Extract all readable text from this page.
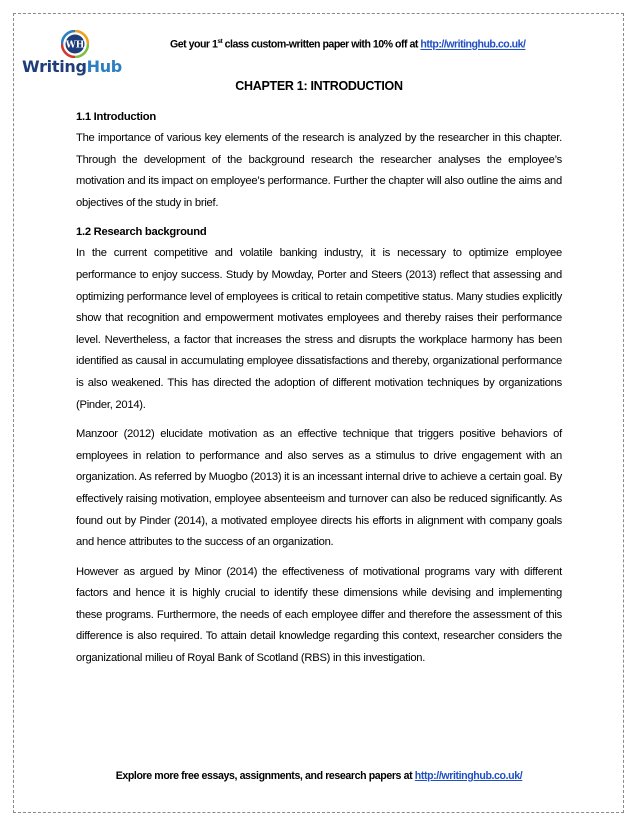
WH
WritingHub
Get your 1st class custom-written paper with 10% off at http://writinghub.co.uk/
CHAPTER 1: INTRODUCTION

1.1 Introduction

The importance of various key elements of the research is analyzed by the researcher in this chapter. Through the development of the background research the researcher analyses the employee’s motivation and its impact on employee’s performance. Further the chapter will also outline the aims and objectives of the study in brief.

1.2 Research background

In the current competitive and volatile banking industry, it is necessary to optimize employee performance to enjoy success. Study by Mowday, Porter and Steers (2013) reflect that assessing and optimizing performance level of employees is critical to retain competitive status. Many studies explicitly show that recognition and empowerment motivates employees and thereby raises their performance level. Nevertheless, a factor that increases the stress and disrupts the workplace harmony has been identified as causal in accumulating employee dissatisfactions and thereby, organizational performance is also weakened. This has directed the adoption of different motivation techniques by organizations (Pinder, 2014).

Manzoor (2012) elucidate motivation as an effective technique that triggers positive behaviors of employees in relation to performance and also serves as a stimulus to drive engagement with an organization. As referred by Muogbo (2013) it is an incessant internal drive to achieve a certain goal. By effectively raising motivation, employee absenteeism and turnover can also be reduced significantly. As found out by Pinder (2014), a motivated employee directs his efforts in alignment with company goals and hence attributes to the success of an organization.

However as argued by Minor (2014) the effectiveness of motivational programs vary with different factors and hence it is highly crucial to identify these dimensions while devising and implementing these programs. Furthermore, the needs of each employee differ and therefore the assessment of this difference is also required. To attain detail knowledge regarding this context, researcher considers the organizational milieu of Royal Bank of Scotland (RBS) in this investigation.

Explore more free essays, assignments, and research papers at http://writinghub.co.uk/
